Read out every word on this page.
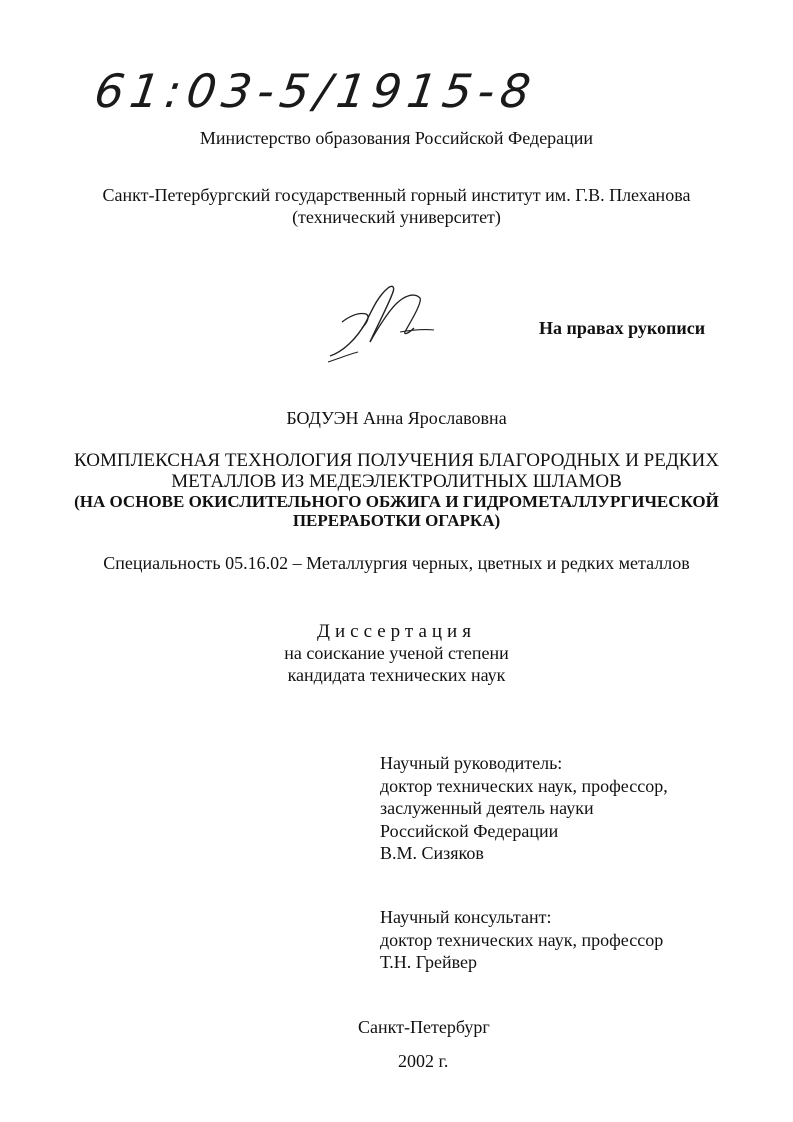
61:03-5/1915-8
Министерство образования Российской Федерации
Санкт-Петербургский государственный горный институт им. Г.В. Плеханова
(технический университет)
На правах рукописи
БОДУЭН Анна Ярославовна
КОМПЛЕКСНАЯ ТЕХНОЛОГИЯ ПОЛУЧЕНИЯ БЛАГОРОДНЫХ И РЕДКИХ
МЕТАЛЛОВ ИЗ МЕДЕЭЛЕКТРОЛИТНЫХ ШЛАМОВ
(НА ОСНОВЕ ОКИСЛИТЕЛЬНОГО ОБЖИГА И ГИДРОМЕТАЛЛУРГИЧЕСКОЙ
ПЕРЕРАБОТКИ ОГАРКА)
Специальность 05.16.02 – Металлургия черных, цветных и редких металлов
Диссертация
на соискание ученой степени
кандидата технических наук
Научный руководитель:
доктор технических наук, профессор,
заслуженный деятель науки
Российской Федерации
В.М. Сизяков
Научный консультант:
доктор технических наук, профессор
Т.Н. Грейвер
Санкт-Петербург
2002 г.
